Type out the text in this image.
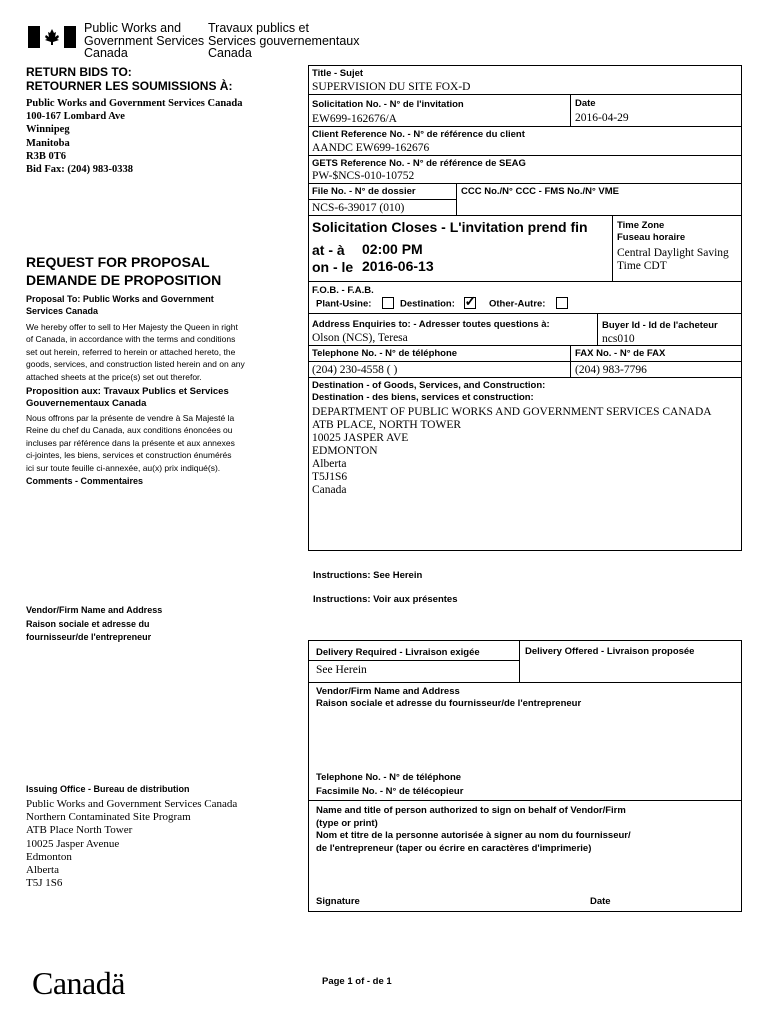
Public Works and
Government Services
Canada
Travaux publics et
Services gouvernementaux
Canada
RETURN BIDS TO:
RETOURNER LES SOUMISSIONS À:
Public Works and Government Services Canada
100-167 Lombard Ave
Winnipeg
Manitoba
R3B 0T6
Bid Fax: (204) 983-0338
REQUEST FOR PROPOSAL
DEMANDE DE PROPOSITION
Proposal To: Public Works and Government
Services Canada
We hereby offer to sell to Her Majesty the Queen in right
of Canada, in accordance with the terms and conditions
set out herein, referred to herein or attached hereto, the
goods, services, and construction listed herein and on any
attached sheets at the price(s) set out therefor.
Proposition aux: Travaux Publics et Services
Gouvernementaux Canada
Nous offrons par la présente de vendre à Sa Majesté la
Reine du chef du Canada, aux conditions énoncées ou
incluses par référence dans la présente et aux annexes
ci-jointes, les biens, services et construction énumérés
ici sur toute feuille ci-annexée, au(x) prix indiqué(s).
Comments - Commentaires
Vendor/Firm Name and Address
Raison sociale et adresse du
fournisseur/de l'entrepreneur
Issuing Office - Bureau de distribution
Public Works and Government Services Canada
Northern Contaminated Site Program
ATB Place North Tower
10025 Jasper Avenue
Edmonton
Alberta
T5J 1S6
Title - Sujet
SUPERVISION DU SITE FOX-D
Solicitation No. - N° de l'invitation
EW699-162676/A
Date
2016-04-29
Client Reference No. - N° de référence du client
AANDC EW699-162676
GETS Reference No. - N° de référence de SEAG
PW-$NCS-010-10752
File No. - N° de dossier	CCC No./N° CCC - FMS No./N° VME
NCS-6-39017 (010)
Solicitation Closes - L'invitation prend fin
at - à 02:00 PM
on - le 2016-06-13
Time Zone
Fuseau horaire
Central Daylight Saving
Time CDT
F.O.B. - F.A.B.
Plant-Usine:	Destination: ✓	Other-Autre:
Address Enquiries to: - Adresser toutes questions à:
Olson (NCS), Teresa
Buyer Id - Id de l'acheteur
ncs010
Telephone No. - N° de téléphone	FAX No. - N° de FAX
(204) 230-4558 ( )	(204) 983-7796
Destination - of Goods, Services, and Construction:
Destination - des biens, services et construction:
DEPARTMENT OF PUBLIC WORKS AND GOVERNMENT SERVICES CANADA
ATB PLACE, NORTH TOWER
10025 JASPER AVE
EDMONTON
Alberta
T5J1S6
Canada
Instructions: See Herein
Instructions: Voir aux présentes
Delivery Required - Livraison exigée
See Herein
Delivery Offered - Livraison proposée
Vendor/Firm Name and Address
Raison sociale et adresse du fournisseur/de l'entrepreneur
Telephone No. - N° de téléphone
Facsimile No. - N° de télécopieur
Name and title of person authorized to sign on behalf of Vendor/Firm
(type or print)
Nom et titre de la personne autorisée à signer au nom du fournisseur/
de l'entrepreneur (taper ou écrire en caractères d'imprimerie)
Signature	Date
Page 1 of - de 1
Canadä
